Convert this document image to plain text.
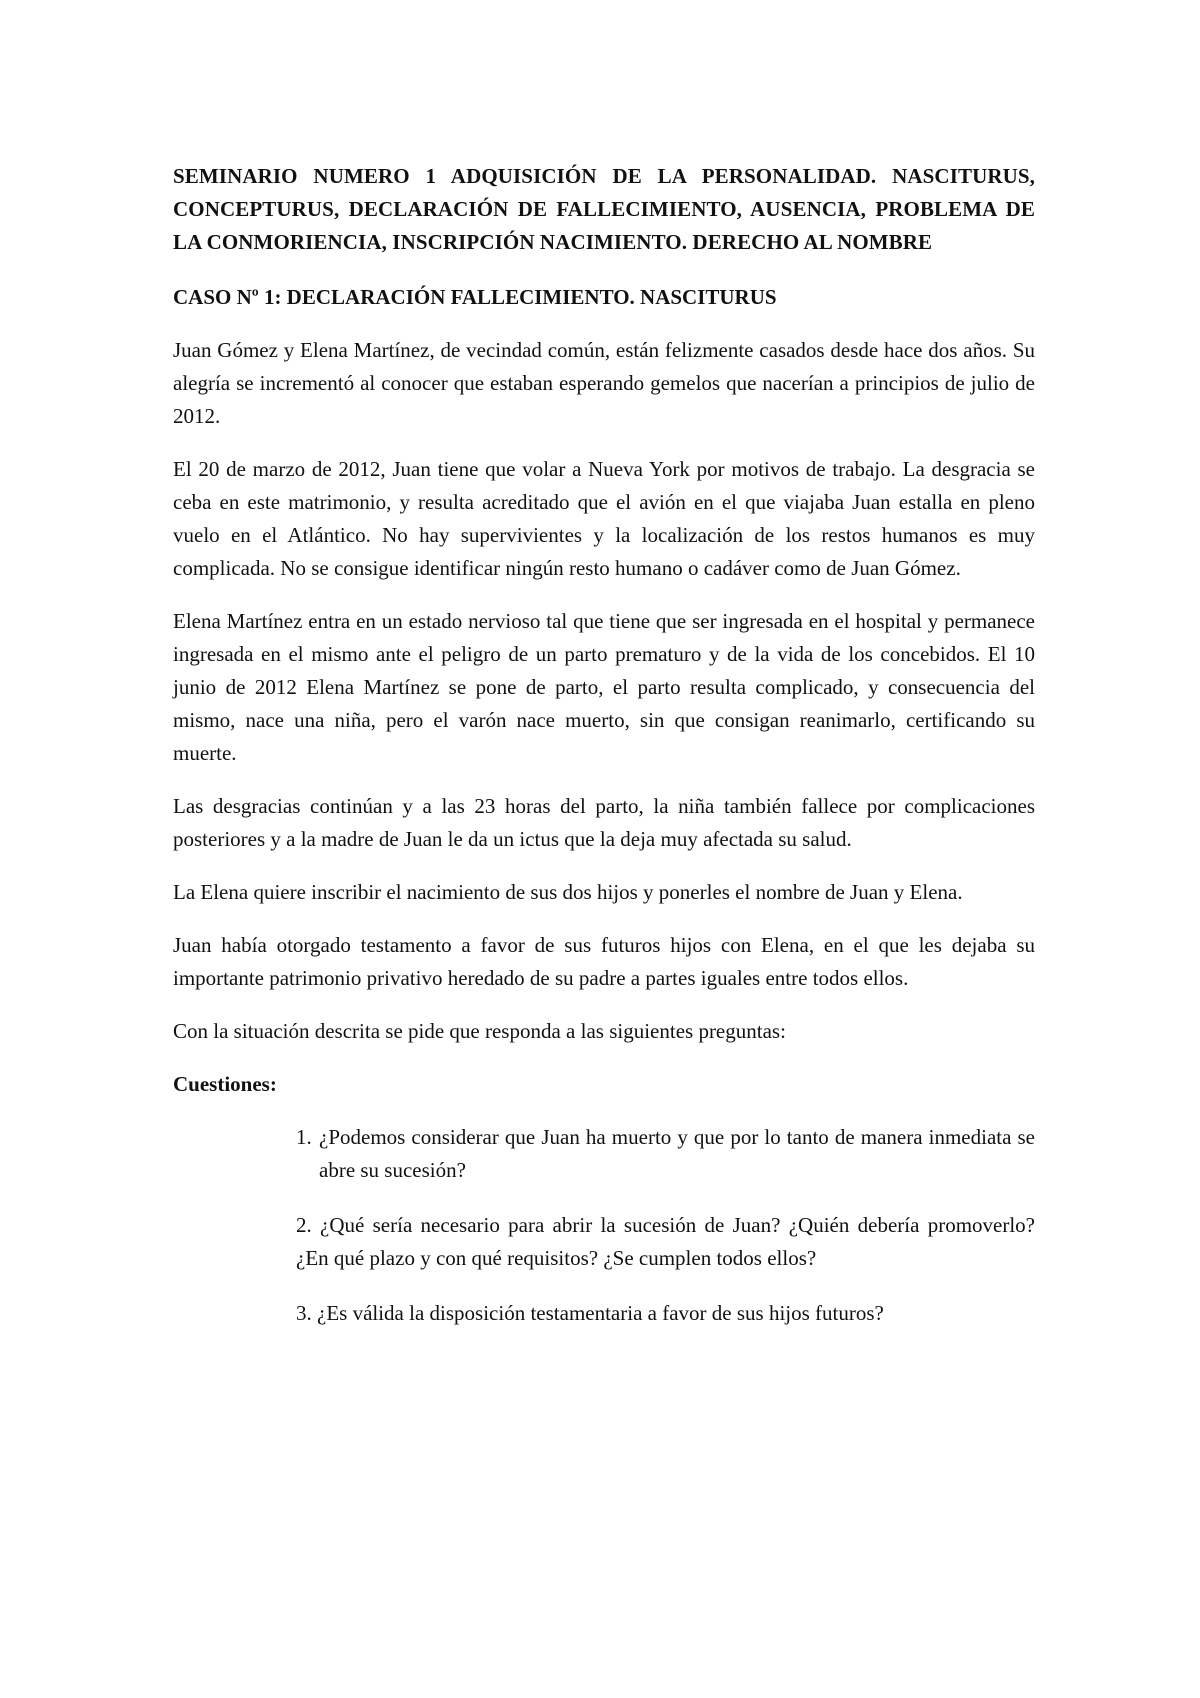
SEMINARIO NUMERO 1 ADQUISICIÓN DE LA PERSONALIDAD. NASCITURUS, CONCEPTURUS, DECLARACIÓN DE FALLECIMIENTO, AUSENCIA, PROBLEMA DE LA CONMORIENCIA, INSCRIPCIÓN NACIMIENTO. DERECHO AL NOMBRE

CASO Nº 1: DECLARACIÓN FALLECIMIENTO. NASCITURUS

Juan Gómez y Elena Martínez, de vecindad común, están felizmente casados desde hace dos años. Su alegría se incrementó al conocer que estaban esperando gemelos que nacerían a principios de julio de 2012.

El 20 de marzo de 2012, Juan tiene que volar a Nueva York por motivos de trabajo. La desgracia se ceba en este matrimonio, y resulta acreditado que el avión en el que viajaba Juan estalla en pleno vuelo en el Atlántico. No hay supervivientes y la localización de los restos humanos es muy complicada. No se consigue identificar ningún resto humano o cadáver como de Juan Gómez.

Elena Martínez entra en un estado nervioso tal que tiene que ser ingresada en el hospital y permanece ingresada en el mismo ante el peligro de un parto prematuro y de la vida de los concebidos. El 10 junio de 2012 Elena Martínez se pone de parto, el parto resulta complicado, y consecuencia del mismo, nace una niña, pero el varón nace muerto, sin que consigan reanimarlo, certificando su muerte.

Las desgracias continúan y a las 23 horas del parto, la niña también fallece por complicaciones posteriores y a la madre de Juan le da un ictus que la deja muy afectada su salud.

La Elena quiere inscribir el nacimiento de sus dos hijos y ponerles el nombre de Juan y Elena.

Juan había otorgado testamento a favor de sus futuros hijos con Elena, en el que les dejaba su importante patrimonio privativo heredado de su padre a partes iguales entre todos ellos.

Con la situación descrita se pide que responda a las siguientes preguntas:

Cuestiones:

1. ¿Podemos considerar que Juan ha muerto y que por lo tanto de manera inmediata se abre su sucesión?
2. ¿Qué sería necesario para abrir la sucesión de Juan? ¿Quién debería promoverlo? ¿En qué plazo y con qué requisitos? ¿Se cumplen todos ellos?
3. ¿Es válida la disposición testamentaria a favor de sus hijos futuros?
